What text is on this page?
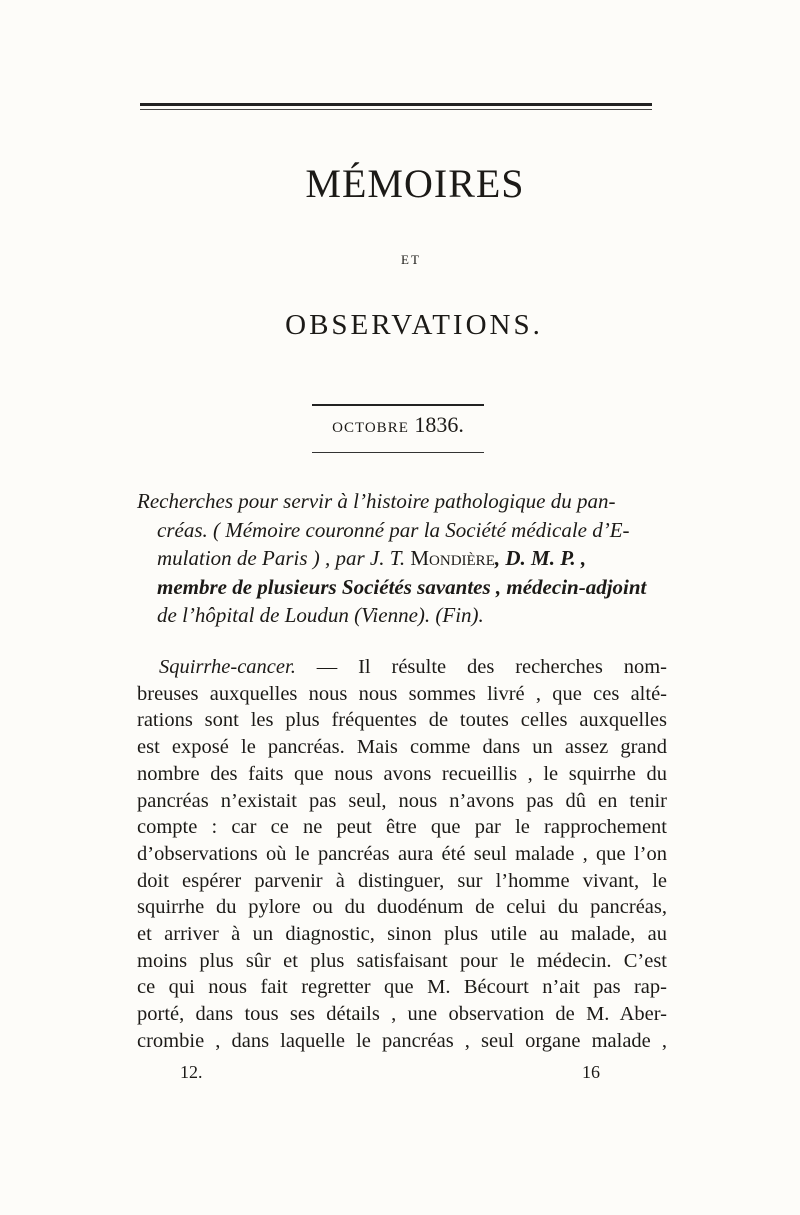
MÉMOIRES
ET
OBSERVATIONS.
OCTOBRE 1836.
Recherches pour servir à l’histoire pathologique du pan-
créas. ( Mémoire couronné par la Société médicale d’E-
mulation de Paris ) , par J. T. Mondière, D. M. P. ,
membre de plusieurs Sociétés savantes , médecin-adjoint
de l’hôpital de Loudun (Vienne). (Fin).
Squirrhe-cancer. — Il résulte des recherches nom-
breuses auxquelles nous nous sommes livré , que ces alté-
rations sont les plus fréquentes de toutes celles auxquelles
est exposé le pancréas. Mais comme dans un assez grand
nombre des faits que nous avons recueillis , le squirrhe du
pancréas n’existait pas seul, nous n’avons pas dû en tenir
compte : car ce ne peut être que par le rapprochement
d’observations où le pancréas aura été seul malade , que l’on
doit espérer parvenir à distinguer, sur l’homme vivant, le
squirrhe du pylore ou du duodénum de celui du pancréas,
et arriver à un diagnostic, sinon plus utile au malade, au
moins plus sûr et plus satisfaisant pour le médecin. C’est
ce qui nous fait regretter que M. Bécourt n’ait pas rap-
porté, dans tous ses détails , une observation de M. Aber-
crombie , dans laquelle le pancréas , seul organe malade ,
12.	16
